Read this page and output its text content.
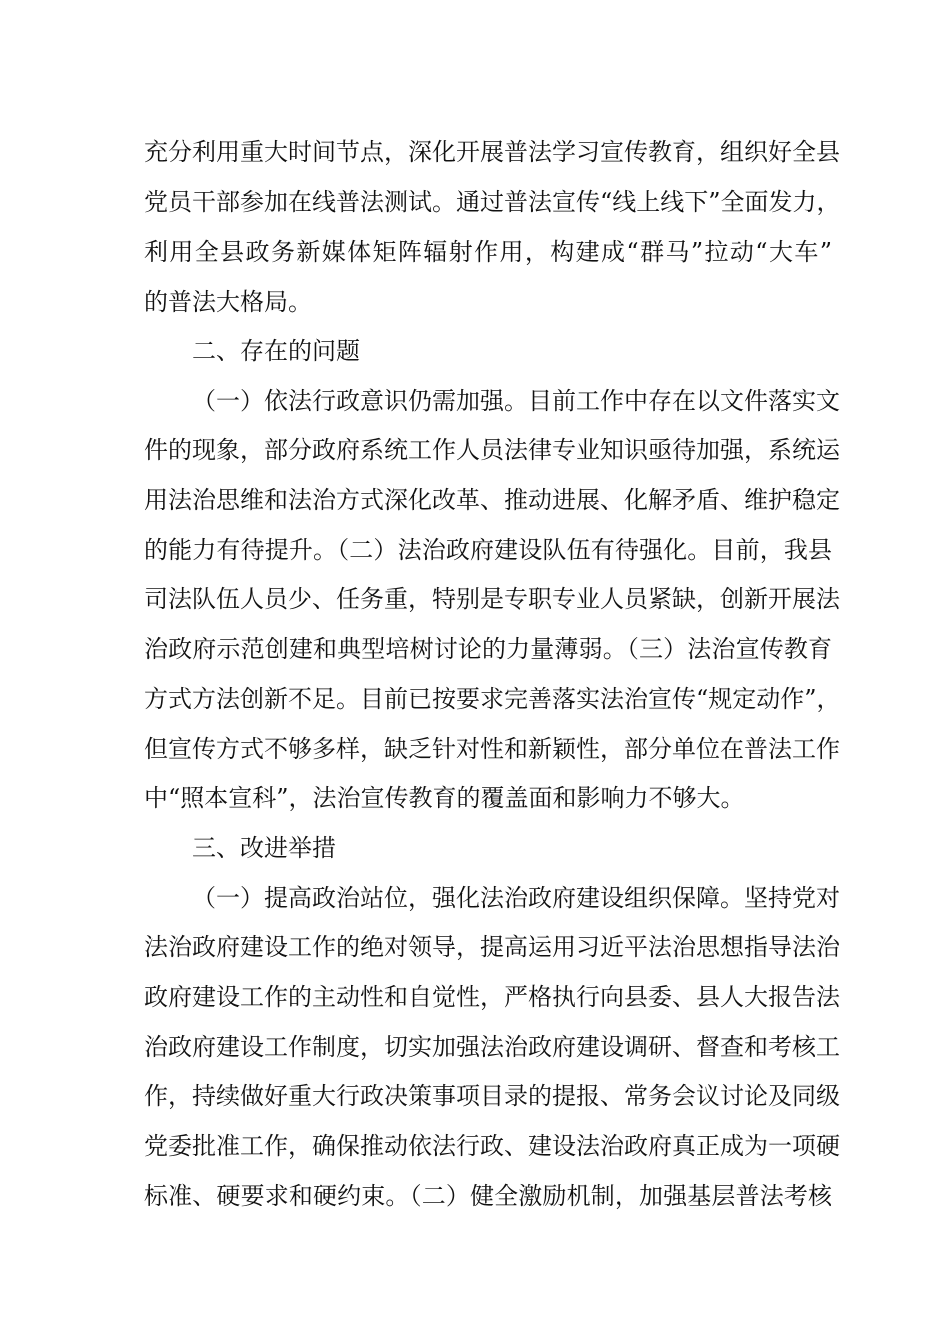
充分利用重大时间节点，深化开展普法学习宣传教育，组织好全县
党员干部参加在线普法测试。通过普法宣传“线上线下”全面发力，
利用全县政务新媒体矩阵辐射作用，构建成“群马”拉动“大车”
的普法大格局。
二、存在的问题
（一）依法行政意识仍需加强。目前工作中存在以文件落实文
件的现象，部分政府系统工作人员法律专业知识亟待加强，系统运
用法治思维和法治方式深化改革、推动进展、化解矛盾、维护稳定
的能力有待提升。（二）法治政府建设队伍有待强化。目前，我县
司法队伍人员少、任务重，特别是专职专业人员紧缺，创新开展法
治政府示范创建和典型培树讨论的力量薄弱。（三）法治宣传教育
方式方法创新不足。目前已按要求完善落实法治宣传“规定动作”，
但宣传方式不够多样，缺乏针对性和新颖性，部分单位在普法工作
中“照本宣科”，法治宣传教育的覆盖面和影响力不够大。
三、改进举措
（一）提高政治站位，强化法治政府建设组织保障。坚持党对
法治政府建设工作的绝对领导，提高运用习近平法治思想指导法治
政府建设工作的主动性和自觉性，严格执行向县委、县人大报告法
治政府建设工作制度，切实加强法治政府建设调研、督查和考核工
作，持续做好重大行政决策事项目录的提报、常务会议讨论及同级
党委批准工作，确保推动依法行政、建设法治政府真正成为一项硬
标准、硬要求和硬约束。（二）健全激励机制，加强基层普法考核
